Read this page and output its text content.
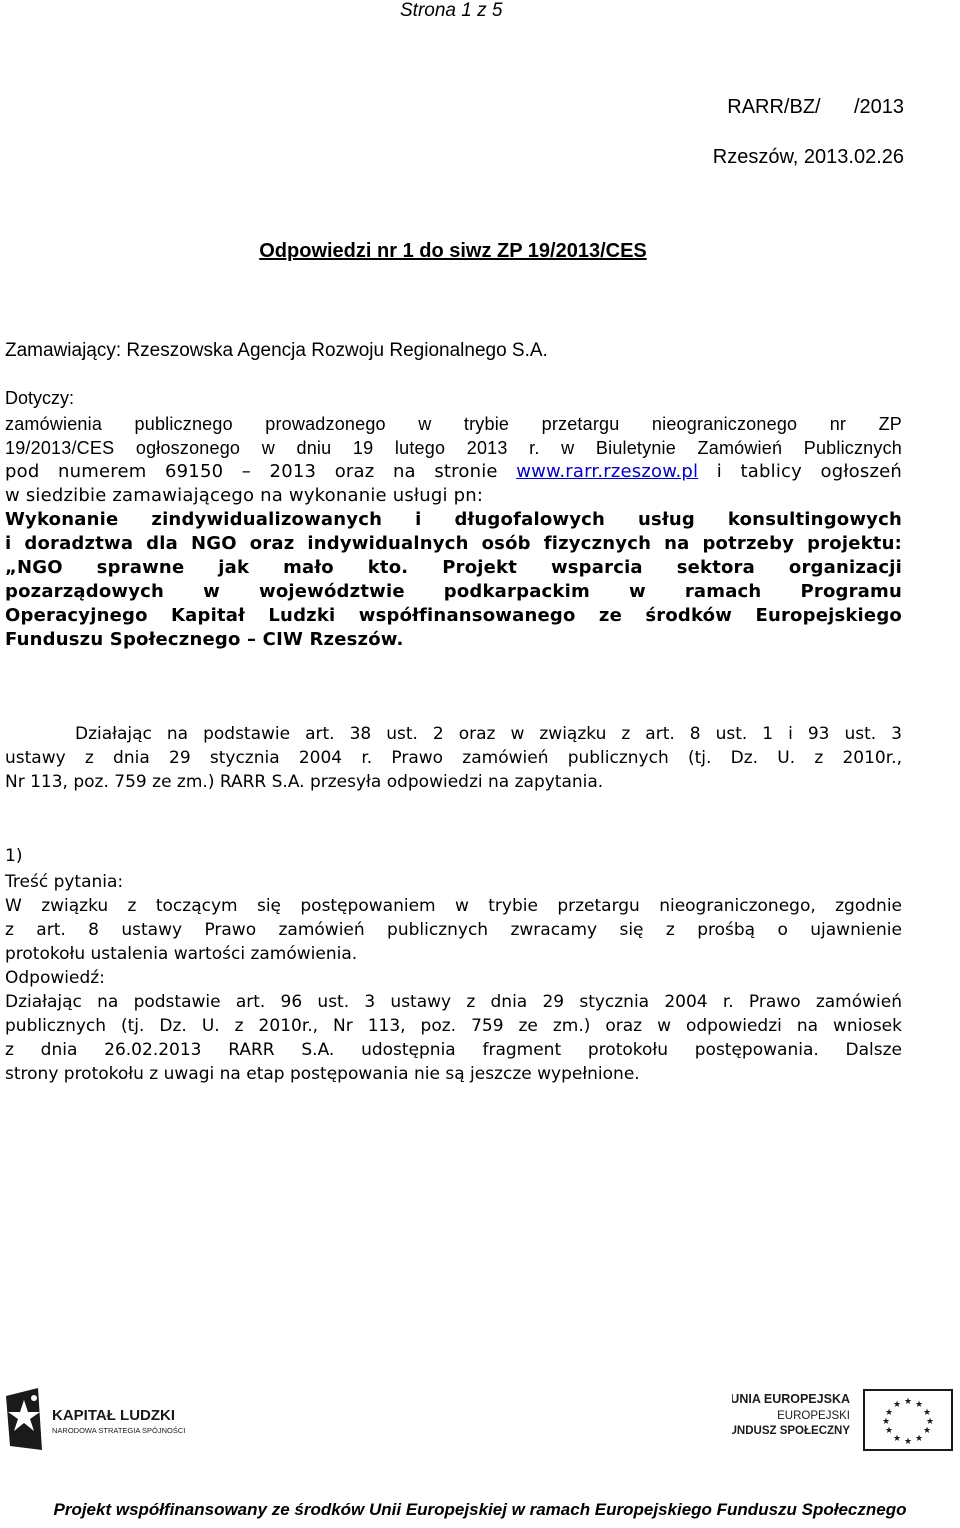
Strona 1 z 5

RARR/BZ/      /2013

Rzeszów, 2013.02.26

Odpowiedzi nr 1 do siwz ZP 19/2013/CES

Zamawiający: Rzeszowska Agencja Rozwoju Regionalnego S.A.

Dotyczy:

zamówienia publicznego prowadzonego w trybie przetargu nieograniczonego nr ZP
19/2013/CES ogłoszonego w dniu 19 lutego 2013 r. w Biuletynie Zamówień Publicznych
pod numerem 69150 – 2013 oraz na stronie www.rarr.rzeszow.pl i tablicy ogłoszeń
w siedzibie zamawiającego na wykonanie usługi pn:
Wykonanie zindywidualizowanych i długofalowych usług konsultingowych
i doradztwa dla NGO oraz indywidualnych osób fizycznych na potrzeby projektu:
„NGO sprawne jak mało kto. Projekt wsparcia sektora organizacji
pozarządowych w województwie podkarpackim w ramach Programu
Operacyjnego Kapitał Ludzki współfinansowanego ze środków Europejskiego
Funduszu Społecznego – CIW Rzeszów.
Działając na podstawie art. 38 ust. 2 oraz w związku z art. 8 ust. 1 i 93 ust. 3
ustawy z dnia 29 stycznia 2004 r. Prawo zamówień publicznych (tj. Dz. U. z 2010r.,
Nr 113, poz. 759 ze zm.) RARR S.A. przesyła odpowiedzi na zapytania.

1)

Treść pytania:
W związku z toczącym się postępowaniem w trybie przetargu nieograniczonego, zgodnie
z art. 8 ustawy Prawo zamówień publicznych zwracamy się z prośbą o ujawnienie
protokołu ustalenia wartości zamówienia.
Odpowiedź:
Działając na podstawie art. 96 ust. 3 ustawy z dnia 29 stycznia 2004 r. Prawo zamówień
publicznych (tj. Dz. U. z 2010r., Nr 113, poz. 759 ze zm.) oraz w odpowiedzi na wniosek
z dnia 26.02.2013 RARR S.A. udostępnia fragment protokołu postępowania. Dalsze
strony protokołu z uwagi na etap postępowania nie są jeszcze wypełnione.
KAPITAŁ LUDZKI
NARODOWA STRATEGIA SPÓJNOŚCI
UNIA EUROPEJSKA
EUROPEJSKI
FUNDUSZ SPOŁECZNY
★ ★
★
★
★
★
★
★
★
★
★
★

Projekt współfinansowany ze środków Unii Europejskiej w ramach Europejskiego Funduszu Społecznego
